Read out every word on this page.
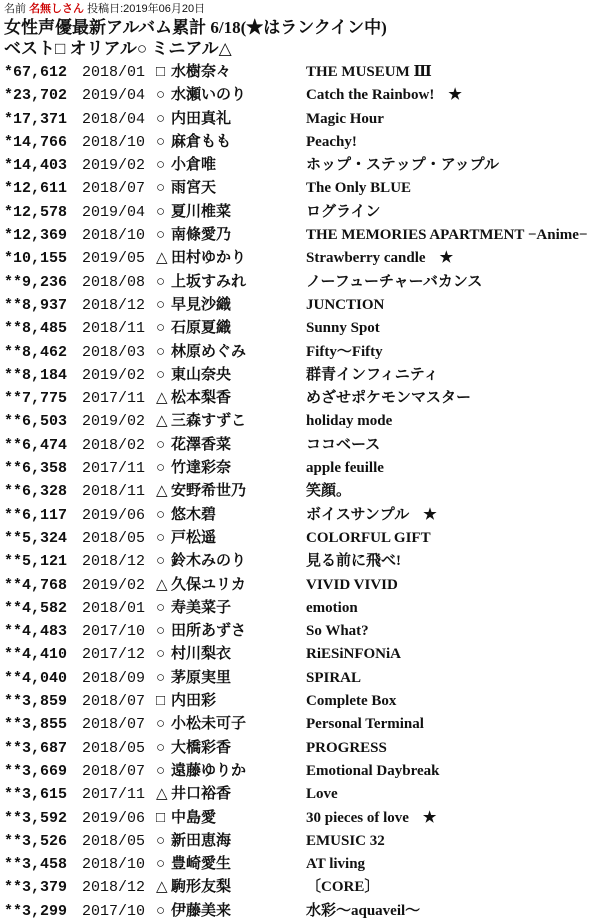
名前 名無しさん 投稿日:2019年06月20日
女性声優最新アルバム累計 6/18(★はランクイン中)
ベスト□ オリアル○ ミニアル△
*67,612	2018/01	□ 水樹奈々	THE MUSEUM Ⅲ
*23,702	2019/04	○ 水瀬いのり	Catch the Rainbow! ★
*17,371	2018/04	○ 内田真礼	Magic Hour
*14,766	2018/10	○ 麻倉もも	Peachy!
*14,403	2019/02	○ 小倉唯	ホップ・ステップ・アップル
*12,611	2018/07	○ 雨宮天	The Only BLUE
*12,578	2019/04	○ 夏川椎菜	ログライン
*12,369	2018/10	○ 南條愛乃	THE MEMORIES APARTMENT −Anime−
*10,155	2019/05	△ 田村ゆかり	Strawberry candle ★
**9,236	2018/08	○ 上坂すみれ	ノーフューチャーバカンス
**8,937	2018/12	○ 早見沙織	JUNCTION
**8,485	2018/11	○ 石原夏織	Sunny Spot
**8,462	2018/03	○ 林原めぐみ	Fifty〜Fifty
**8,184	2019/02	○ 東山奈央	群青インフィニティ
**7,775	2017/11	△ 松本梨香	めざせポケモンマスター
**6,503	2019/02	△ 三森すずこ	holiday mode
**6,474	2018/02	○ 花澤香菜	ココベース
**6,358	2017/11	○ 竹達彩奈	apple feuille
**6,328	2018/11	△ 安野希世乃	笑顔。
**6,117	2019/06	○ 悠木碧	ボイスサンプル ★
**5,324	2018/05	○ 戸松遥	COLORFUL GIFT
**5,121	2018/12	○ 鈴木みのり	見る前に飛べ!
**4,768	2019/02	△ 久保ユリカ	VIVID VIVID
**4,582	2018/01	○ 寿美菜子	emotion
**4,483	2017/10	○ 田所あずさ	So What?
**4,410	2017/12	○ 村川梨衣	RiESiNFONiA
**4,040	2018/09	○ 茅原実里	SPIRAL
**3,859	2018/07	□ 内田彩	Complete Box
**3,855	2018/07	○ 小松未可子	Personal Terminal
**3,687	2018/05	○ 大橋彩香	PROGRESS
**3,669	2018/07	○ 遠藤ゆりか	Emotional Daybreak
**3,615	2017/11	△ 井口裕香	Love
**3,592	2019/06	□ 中島愛	30 pieces of love ★
**3,526	2018/05	○ 新田恵海	EMUSIC 32
**3,458	2018/10	○ 豊崎愛生	AT living
**3,379	2018/12	△ 駒形友梨	〔CORE〕
**3,299	2017/10	○ 伊藤美来	水彩〜aquaveil〜
